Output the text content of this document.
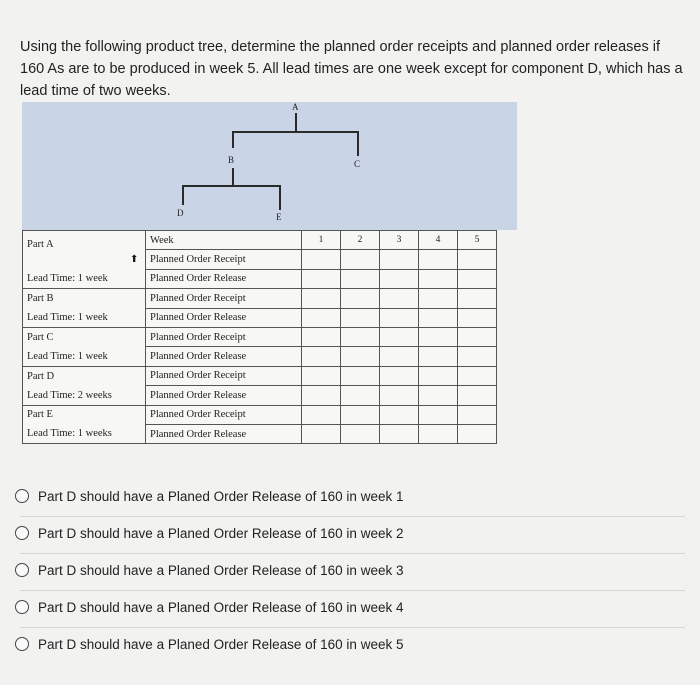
Using the following product tree, determine the planned order receipts and planned order releases if 160 As are to be produced in week 5. All lead times are one week except for component D, which has a lead time of two weeks.

A
B	C
D	E
Part A	Week	1	2	3	4	5
	Planned Order Receipt					
Lead Time: 1 week	Planned Order Release					
Part B	Planned Order Receipt					
Lead Time: 1 week	Planned Order Release					
Part C	Planned Order Receipt					
Lead Time: 1 week	Planned Order Release					
Part D	Planned Order Receipt					
Lead Time: 2 weeks	Planned Order Release					
Part E	Planned Order Receipt					
Lead Time: 1 weeks	Planned Order Release					
⬆
Part D should have a Planed Order Release of 160 in week 1
Part D should have a Planed Order Release of 160 in week 2
Part D should have a Planed Order Release of 160 in week 3
Part D should have a Planed Order Release of 160 in week 4
Part D should have a Planed Order Release of 160 in week 5
